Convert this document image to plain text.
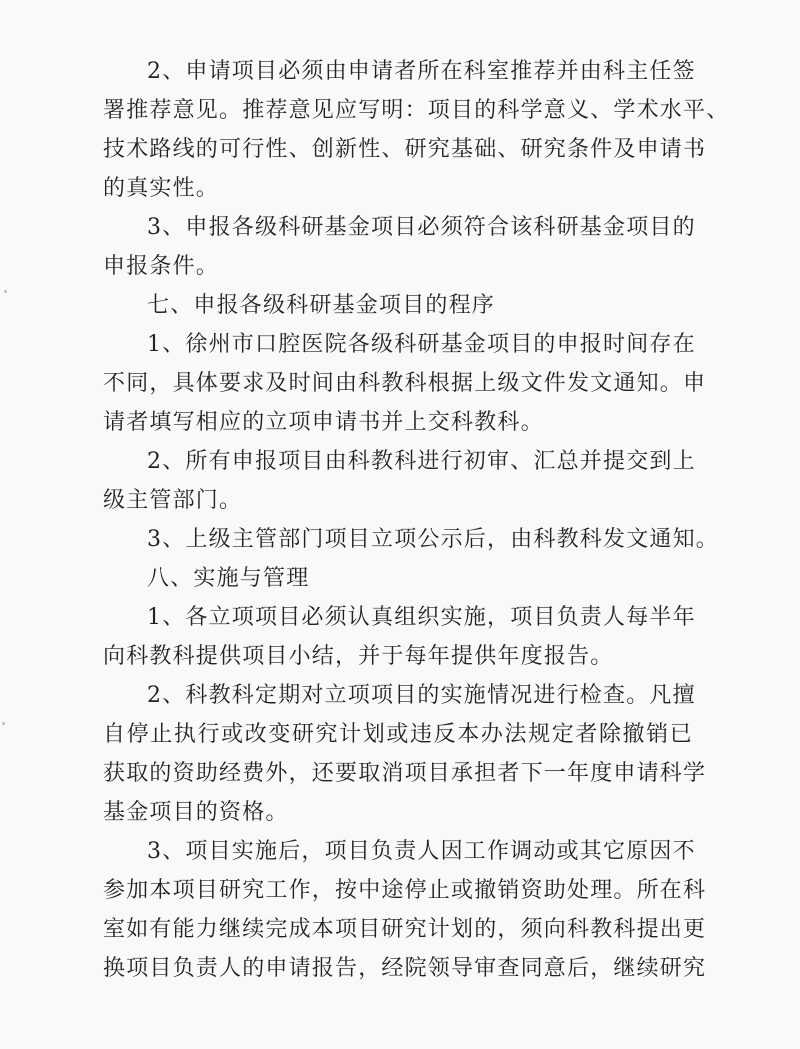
2、申请项目必须由申请者所在科室推荐并由科主任签
署推荐意见。推荐意见应写明：项目的科学意义、学术水平、
技术路线的可行性、创新性、研究基础、研究条件及申请书
的真实性。
3、申报各级科研基金项目必须符合该科研基金项目的
申报条件。
七、申报各级科研基金项目的程序
1、徐州市口腔医院各级科研基金项目的申报时间存在
不同，具体要求及时间由科教科根据上级文件发文通知。申
请者填写相应的立项申请书并上交科教科。
2、所有申报项目由科教科进行初审、汇总并提交到上
级主管部门。
3、上级主管部门项目立项公示后，由科教科发文通知。
八、实施与管理
1、各立项项目必须认真组织实施，项目负责人每半年
向科教科提供项目小结，并于每年提供年度报告。
2、科教科定期对立项项目的实施情况进行检查。凡擅
自停止执行或改变研究计划或违反本办法规定者除撤销已
获取的资助经费外，还要取消项目承担者下一年度申请科学
基金项目的资格。
3、项目实施后，项目负责人因工作调动或其它原因不
参加本项目研究工作，按中途停止或撤销资助处理。所在科
室如有能力继续完成本项目研究计划的，须向科教科提出更
换项目负责人的申请报告，经院领导审查同意后，继续研究
